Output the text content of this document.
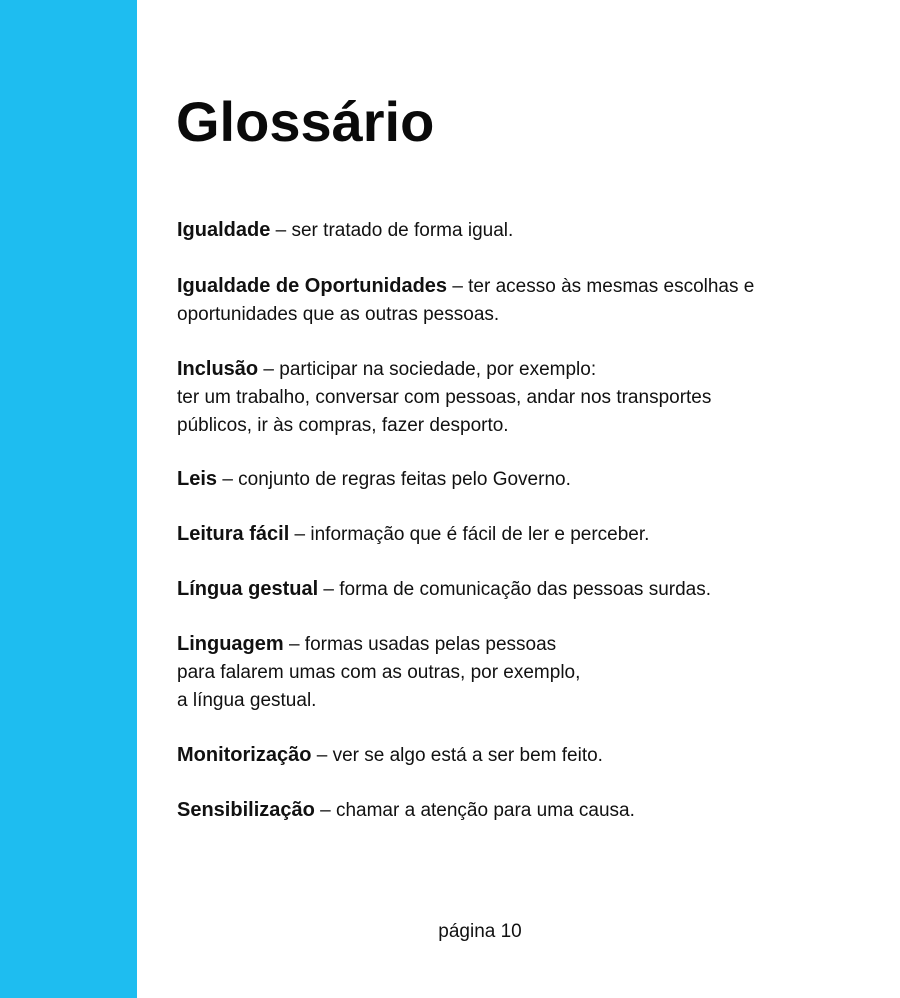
Glossário

Igualdade – ser tratado de forma igual.

Igualdade de Oportunidades – ter acesso às mesmas escolhas e
oportunidades que as outras pessoas.

Inclusão – participar na sociedade, por exemplo:
ter um trabalho, conversar com pessoas, andar nos transportes
públicos, ir às compras, fazer desporto.

Leis – conjunto de regras feitas pelo Governo.

Leitura fácil – informação que é fácil de ler e perceber.

Língua gestual – forma de comunicação das pessoas surdas.

Linguagem – formas usadas pelas pessoas
para falarem umas com as outras, por exemplo,
a língua gestual.

Monitorização – ver se algo está a ser bem feito.

Sensibilização – chamar a atenção para uma causa.

página 10
